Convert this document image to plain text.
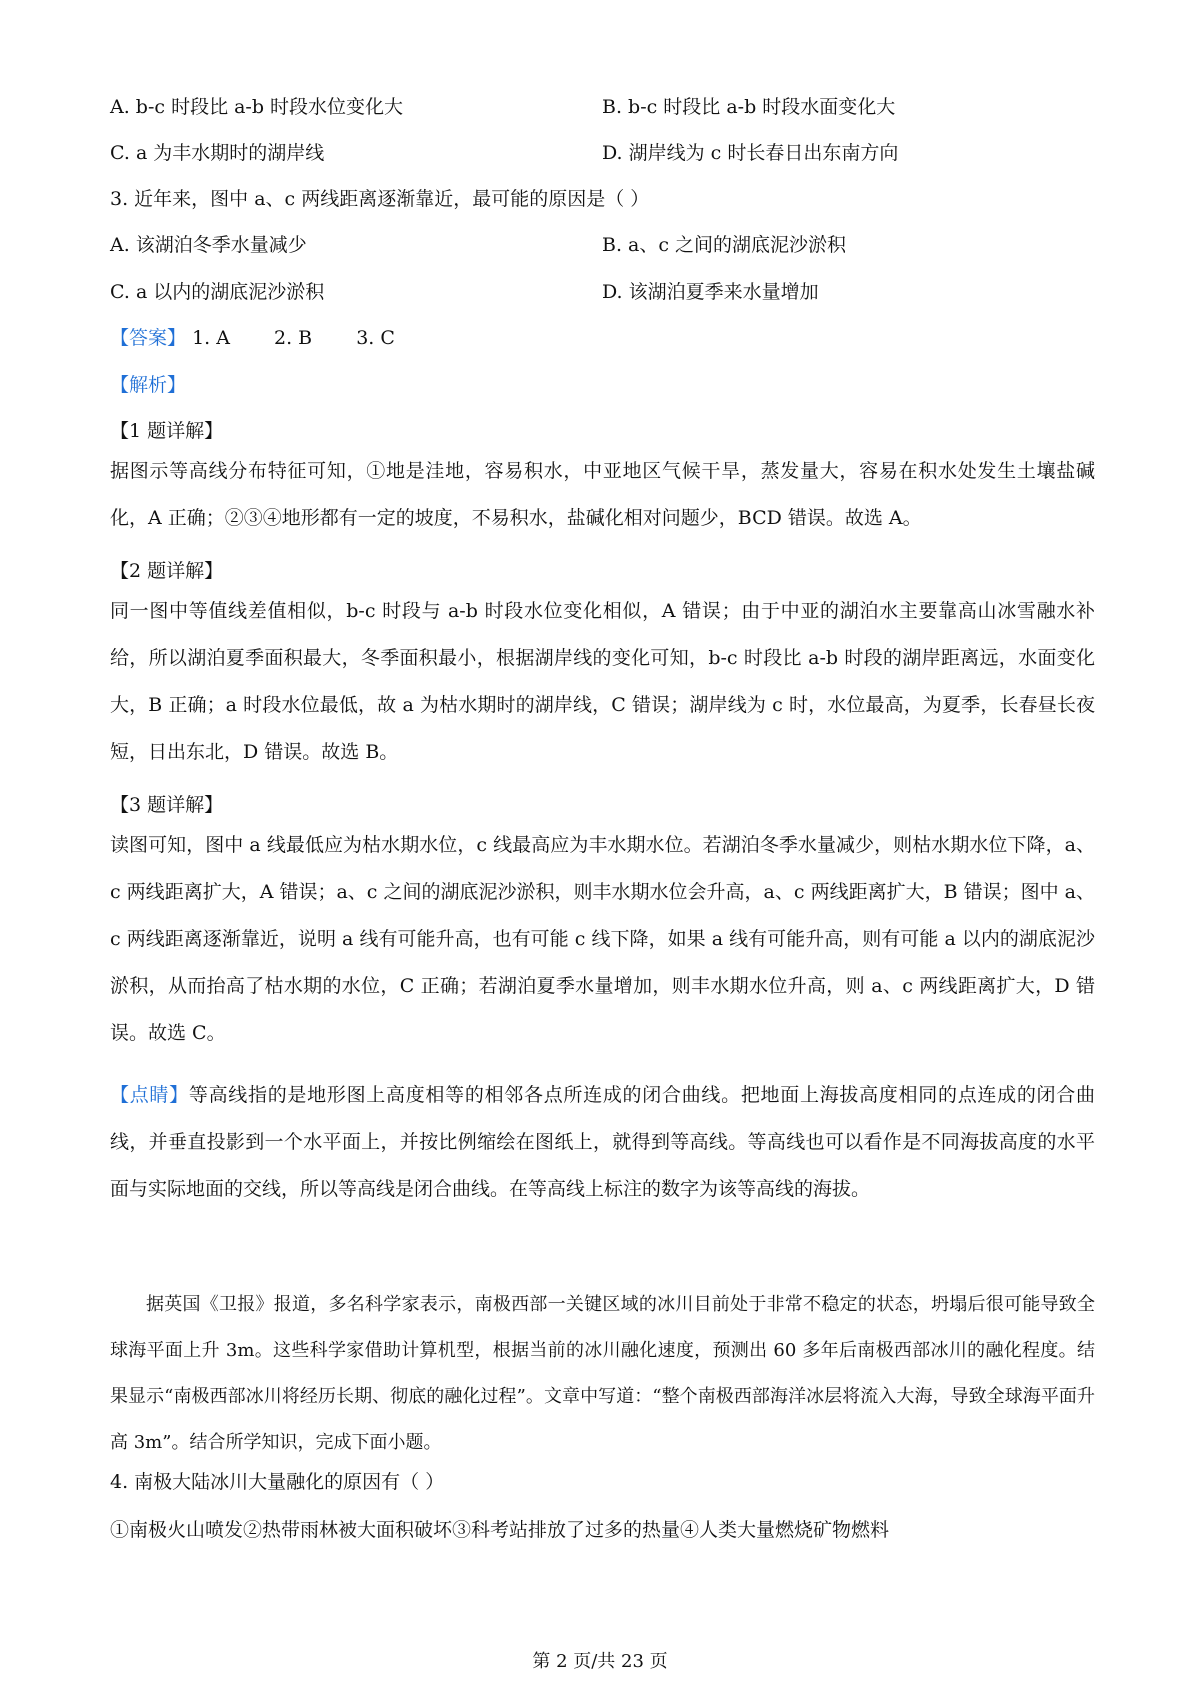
A. b-c 时段比 a-b 时段水位变化大	B. b-c 时段比 a-b 时段水面变化大
C. a 为丰水期时的湖岸线	D. 湖岸线为 c 时长春日出东南方向
3. 近年来，图中 a、c 两线距离逐渐靠近，最可能的原因是（ ）
A. 该湖泊冬季水量减少	B. a、c 之间的湖底泥沙淤积
C. a 以内的湖底泥沙淤积	D. 该湖泊夏季来水量增加
【答案】 1. A 2. B 3. C
【解析】
【1 题详解】
据图示等高线分布特征可知，①地是洼地，容易积水，中亚地区气候干旱，蒸发量大，容易在积水处发生土壤盐碱化，A 正确；②③④地形都有一定的坡度，不易积水，盐碱化相对问题少，BCD 错误。故选 A。
【2 题详解】
同一图中等值线差值相似，b-c 时段与 a-b 时段水位变化相似，A 错误；由于中亚的湖泊水主要靠高山冰雪融水补给，所以湖泊夏季面积最大，冬季面积最小，根据湖岸线的变化可知，b-c 时段比 a-b 时段的湖岸距离远，水面变化大，B 正确；a 时段水位最低，故 a 为枯水期时的湖岸线，C 错误；湖岸线为 c 时，水位最高，为夏季，长春昼长夜短，日出东北，D 错误。故选 B。
【3 题详解】
读图可知，图中 a 线最低应为枯水期水位，c 线最高应为丰水期水位。若湖泊冬季水量减少，则枯水期水位下降，a、c 两线距离扩大，A 错误；a、c 之间的湖底泥沙淤积，则丰水期水位会升高，a、c 两线距离扩大，B 错误；图中 a、c 两线距离逐渐靠近，说明 a 线有可能升高，也有可能 c 线下降，如果 a 线有可能升高，则有可能 a 以内的湖底泥沙淤积，从而抬高了枯水期的水位，C 正确；若湖泊夏季水量增加，则丰水期水位升高，则 a、c 两线距离扩大，D 错误。故选 C。
【点睛】等高线指的是地形图上高度相等的相邻各点所连成的闭合曲线。把地面上海拔高度相同的点连成的闭合曲线，并垂直投影到一个水平面上，并按比例缩绘在图纸上，就得到等高线。等高线也可以看作是不同海拔高度的水平面与实际地面的交线，所以等高线是闭合曲线。在等高线上标注的数字为该等高线的海拔。
据英国《卫报》报道，多名科学家表示，南极西部一关键区域的冰川目前处于非常不稳定的状态，坍塌后很可能导致全球海平面上升 3m。这些科学家借助计算机型，根据当前的冰川融化速度，预测出 60 多年后南极西部冰川的融化程度。结果显示“南极西部冰川将经历长期、彻底的融化过程”。文章中写道：“整个南极西部海洋冰层将流入大海，导致全球海平面升高 3m”。结合所学知识，完成下面小题。
4. 南极大陆冰川大量融化的原因有（ ）
①南极火山喷发②热带雨林被大面积破坏③科考站排放了过多的热量④人类大量燃烧矿物燃料
第 2 页/共 23 页
